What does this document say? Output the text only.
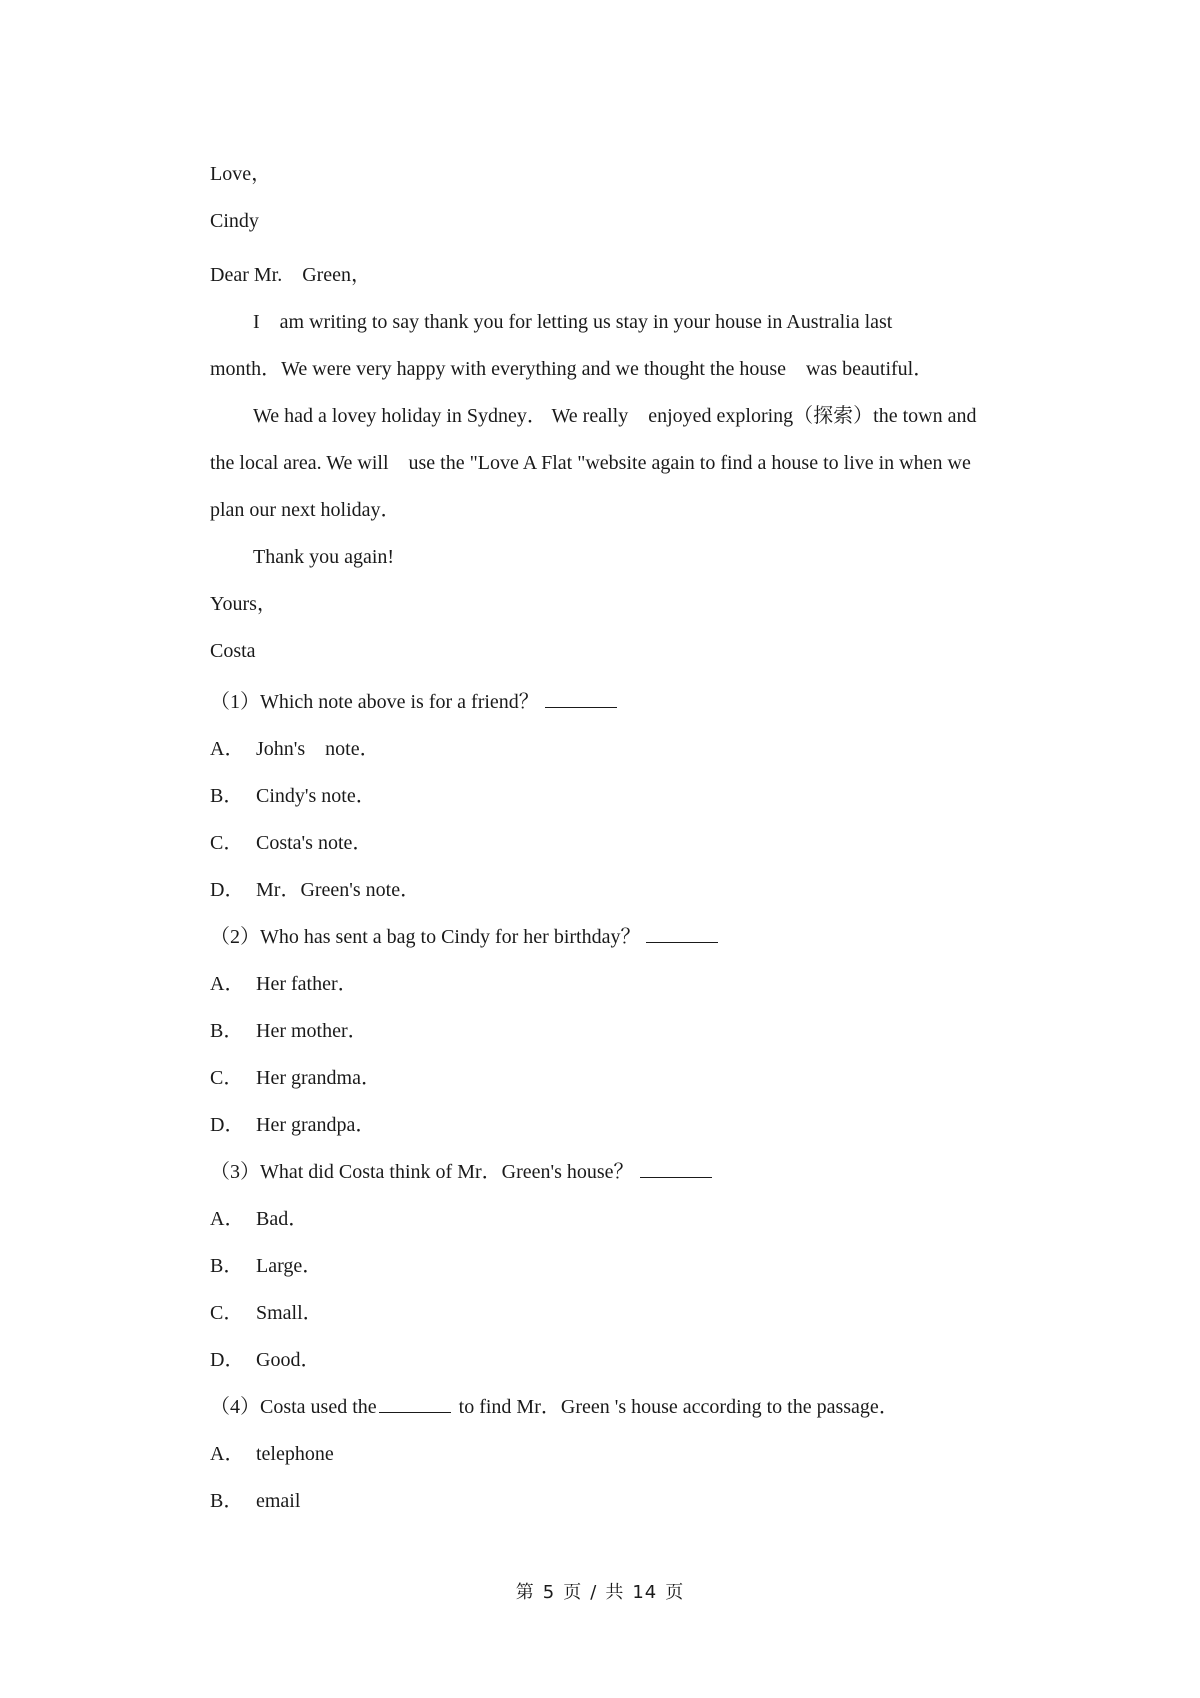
Love，
Cindy
Dear Mr.　Green，
I　am writing to say thank you for letting us stay in your house in Australia last
month．We were very happy with everything and we thought the house　was beautiful．
We had a lovey holiday in Sydney． We really　enjoyed exploring（探索）the town and
the local area. We will　use the "Love A Flat "website again to find a house to live in when we
plan our next holiday．
Thank you again!
Yours，
Costa
（1）Which note above is for a friend？
A． John's　note．
B． Cindy's note．
C． Costa's note．
D． Mr．Green's note．
（2）Who has sent a bag to Cindy for her birthday？
A． Her father．
B． Her mother．
C． Her grandma．
D． Her grandpa．
（3）What did Costa think of Mr．Green's house？
A． Bad．
B． Large．
C． Small．
D． Good．
（4）Costa used the	to find Mr．Green 's house according to the passage．
A． telephone
B． email
第 5 页 / 共 14 页
